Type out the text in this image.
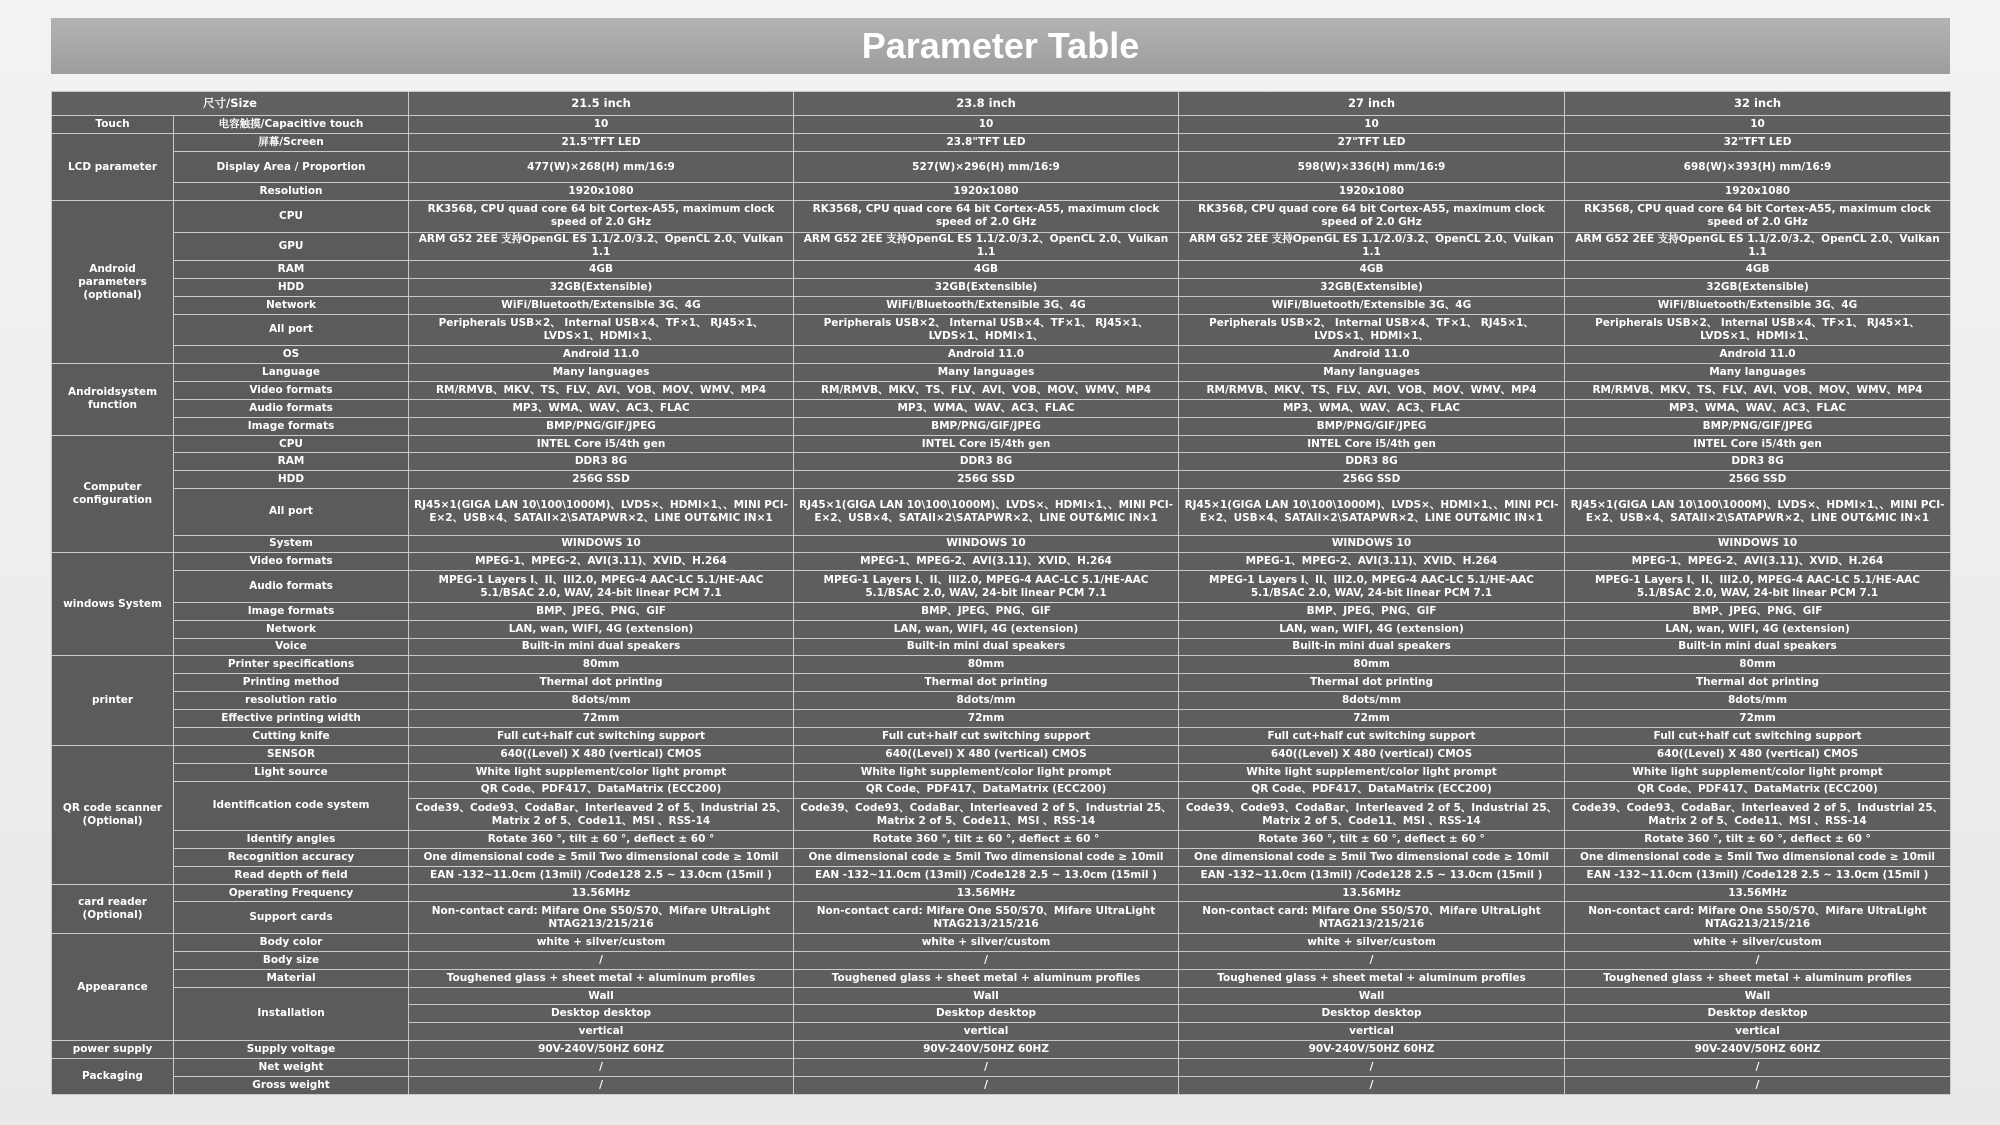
Parameter Table
尺寸/Size		21.5 inch	23.8 inch	27 inch	32 inch
Touch	电容触摸/Capacitive touch	10	10	10	10
LCD parameter	屏幕/Screen	21.5"TFT LED	23.8"TFT LED	27"TFT LED	32"TFT LED
	Display Area / Proportion	477(W)×268(H) mm/16:9	527(W)×296(H) mm/16:9	598(W)×336(H) mm/16:9	698(W)×393(H) mm/16:9
	Resolution	1920x1080	1920x1080	1920x1080	1920x1080
Android parameters (optional)	CPU	RK3568, CPU quad core 64 bit Cortex-A55, maximum clock speed of 2.0 GHz	RK3568, CPU quad core 64 bit Cortex-A55, maximum clock speed of 2.0 GHz	RK3568, CPU quad core 64 bit Cortex-A55, maximum clock speed of 2.0 GHz	RK3568, CPU quad core 64 bit Cortex-A55, maximum clock speed of 2.0 GHz
	GPU	ARM G52 2EE 支持OpenGL ES 1.1/2.0/3.2、OpenCL 2.0、Vulkan 1.1	ARM G52 2EE 支持OpenGL ES 1.1/2.0/3.2、OpenCL 2.0、Vulkan 1.1	ARM G52 2EE 支持OpenGL ES 1.1/2.0/3.2、OpenCL 2.0、Vulkan 1.1	ARM G52 2EE 支持OpenGL ES 1.1/2.0/3.2、OpenCL 2.0、Vulkan 1.1
	RAM	4GB	4GB	4GB	4GB
	HDD	32GB(Extensible)	32GB(Extensible)	32GB(Extensible)	32GB(Extensible)
	Network	WiFi/Bluetooth/Extensible 3G、4G	WiFi/Bluetooth/Extensible 3G、4G	WiFi/Bluetooth/Extensible 3G、4G	WiFi/Bluetooth/Extensible 3G、4G
	All port	Peripherals USB×2、 Internal USB×4、TF×1、 RJ45×1、 LVDS×1、HDMI×1、	Peripherals USB×2、 Internal USB×4、TF×1、 RJ45×1、 LVDS×1、HDMI×1、	Peripherals USB×2、 Internal USB×4、TF×1、 RJ45×1、 LVDS×1、HDMI×1、	Peripherals USB×2、 Internal USB×4、TF×1、 RJ45×1、 LVDS×1、HDMI×1、
	OS	Android 11.0	Android 11.0	Android 11.0	Android 11.0
Androidsystem function	Language	Many languages	Many languages	Many languages	Many languages
	Video formats	RM/RMVB、MKV、TS、FLV、AVI、VOB、MOV、WMV、MP4	RM/RMVB、MKV、TS、FLV、AVI、VOB、MOV、WMV、MP4	RM/RMVB、MKV、TS、FLV、AVI、VOB、MOV、WMV、MP4	RM/RMVB、MKV、TS、FLV、AVI、VOB、MOV、WMV、MP4
	Audio formats	MP3、WMA、WAV、AC3、FLAC	MP3、WMA、WAV、AC3、FLAC	MP3、WMA、WAV、AC3、FLAC	MP3、WMA、WAV、AC3、FLAC
	Image formats	BMP/PNG/GIF/JPEG	BMP/PNG/GIF/JPEG	BMP/PNG/GIF/JPEG	BMP/PNG/GIF/JPEG
Computer configuration	CPU	INTEL Core i5/4th gen	INTEL Core i5/4th gen	INTEL Core i5/4th gen	INTEL Core i5/4th gen
	RAM	DDR3 8G	DDR3 8G	DDR3 8G	DDR3 8G
	HDD	256G SSD	256G SSD	256G SSD	256G SSD
	All port	RJ45×1(GIGA LAN 10\100\1000M)、LVDS×、HDMI×1、、MINI PCI-E×2、USB×4、SATAII×2\SATAPWR×2、LINE OUT&MIC IN×1	RJ45×1(GIGA LAN 10\100\1000M)、LVDS×、HDMI×1、、MINI PCI-E×2、USB×4、SATAII×2\SATAPWR×2、LINE OUT&MIC IN×1	RJ45×1(GIGA LAN 10\100\1000M)、LVDS×、HDMI×1、、MINI PCI-E×2、USB×4、SATAII×2\SATAPWR×2、LINE OUT&MIC IN×1	RJ45×1(GIGA LAN 10\100\1000M)、LVDS×、HDMI×1、、MINI PCI-E×2、USB×4、SATAII×2\SATAPWR×2、LINE OUT&MIC IN×1
	System	WINDOWS 10	WINDOWS 10	WINDOWS 10	WINDOWS 10
windows System	Video formats	MPEG-1、MPEG-2、AVI(3.11)、XVID、H.264	MPEG-1、MPEG-2、AVI(3.11)、XVID、H.264	MPEG-1、MPEG-2、AVI(3.11)、XVID、H.264	MPEG-1、MPEG-2、AVI(3.11)、XVID、H.264
	Audio formats	MPEG-1 Layers I、II、III2.0, MPEG-4 AAC-LC 5.1/HE-AAC 5.1/BSAC 2.0, WAV, 24-bit linear PCM 7.1	MPEG-1 Layers I、II、III2.0, MPEG-4 AAC-LC 5.1/HE-AAC 5.1/BSAC 2.0, WAV, 24-bit linear PCM 7.1	MPEG-1 Layers I、II、III2.0, MPEG-4 AAC-LC 5.1/HE-AAC 5.1/BSAC 2.0, WAV, 24-bit linear PCM 7.1	MPEG-1 Layers I、II、III2.0, MPEG-4 AAC-LC 5.1/HE-AAC 5.1/BSAC 2.0, WAV, 24-bit linear PCM 7.1
	Image formats	BMP、JPEG、PNG、GIF	BMP、JPEG、PNG、GIF	BMP、JPEG、PNG、GIF	BMP、JPEG、PNG、GIF
	Network	LAN, wan, WIFI, 4G (extension)	LAN, wan, WIFI, 4G (extension)	LAN, wan, WIFI, 4G (extension)	LAN, wan, WIFI, 4G (extension)
	Voice	Built-in mini dual speakers	Built-in mini dual speakers	Built-in mini dual speakers	Built-in mini dual speakers
printer	Printer specifications	80mm	80mm	80mm	80mm
	Printing method	Thermal dot printing	Thermal dot printing	Thermal dot printing	Thermal dot printing
	resolution ratio	8dots/mm	8dots/mm	8dots/mm	8dots/mm
	Effective printing width	72mm	72mm	72mm	72mm
	Cutting knife	Full cut+half cut switching support	Full cut+half cut switching support	Full cut+half cut switching support	Full cut+half cut switching support
QR code scanner (Optional)	SENSOR	640((Level) X 480 (vertical) CMOS	640((Level) X 480 (vertical) CMOS	640((Level) X 480 (vertical) CMOS	640((Level) X 480 (vertical) CMOS
	Light source	White light supplement/color light prompt	White light supplement/color light prompt	White light supplement/color light prompt	White light supplement/color light prompt
	Identification code system	QR Code、PDF417、DataMatrix (ECC200)	QR Code、PDF417、DataMatrix (ECC200)	QR Code、PDF417、DataMatrix (ECC200)	QR Code、PDF417、DataMatrix (ECC200)
		Code39、Code93、CodaBar、Interleaved 2 of 5、Industrial 25、Matrix 2 of 5、Code11、MSI 、RSS-14	Code39、Code93、CodaBar、Interleaved 2 of 5、Industrial 25、Matrix 2 of 5、Code11、MSI 、RSS-14	Code39、Code93、CodaBar、Interleaved 2 of 5、Industrial 25、Matrix 2 of 5、Code11、MSI 、RSS-14	Code39、Code93、CodaBar、Interleaved 2 of 5、Industrial 25、Matrix 2 of 5、Code11、MSI 、RSS-14
	Identify angles	Rotate 360 °, tilt ± 60 °, deflect ± 60 °	Rotate 360 °, tilt ± 60 °, deflect ± 60 °	Rotate 360 °, tilt ± 60 °, deflect ± 60 °	Rotate 360 °, tilt ± 60 °, deflect ± 60 °
	Recognition accuracy	One dimensional code ≥ 5mil Two dimensional code ≥ 10mil	One dimensional code ≥ 5mil Two dimensional code ≥ 10mil	One dimensional code ≥ 5mil Two dimensional code ≥ 10mil	One dimensional code ≥ 5mil Two dimensional code ≥ 10mil
	Read depth of field	EAN -132~11.0cm (13mil) /Code128 2.5 ~ 13.0cm (15mil )	EAN -132~11.0cm (13mil) /Code128 2.5 ~ 13.0cm (15mil )	EAN -132~11.0cm (13mil) /Code128 2.5 ~ 13.0cm (15mil )	EAN -132~11.0cm (13mil) /Code128 2.5 ~ 13.0cm (15mil )
card reader (Optional)	Operating Frequency	13.56MHz	13.56MHz	13.56MHz	13.56MHz
	Support cards	Non-contact card: Mifare One S50/S70、Mifare UltraLight NTAG213/215/216	Non-contact card: Mifare One S50/S70、Mifare UltraLight NTAG213/215/216	Non-contact card: Mifare One S50/S70、Mifare UltraLight NTAG213/215/216	Non-contact card: Mifare One S50/S70、Mifare UltraLight NTAG213/215/216
Appearance	Body color	white + silver/custom	white + silver/custom	white + silver/custom	white + silver/custom
	Body size	/	/	/	/
	Material	Toughened glass + sheet metal + aluminum profiles	Toughened glass + sheet metal + aluminum profiles	Toughened glass + sheet metal + aluminum profiles	Toughened glass + sheet metal + aluminum profiles
	Installation	Wall	Wall	Wall	Wall
		Desktop desktop	Desktop desktop	Desktop desktop	Desktop desktop
		vertical	vertical	vertical	vertical
power supply	Supply voltage	90V-240V/50HZ 60HZ	90V-240V/50HZ 60HZ	90V-240V/50HZ 60HZ	90V-240V/50HZ 60HZ
Packaging	Net weight	/	/	/	/
	Gross weight	/	/	/	/
